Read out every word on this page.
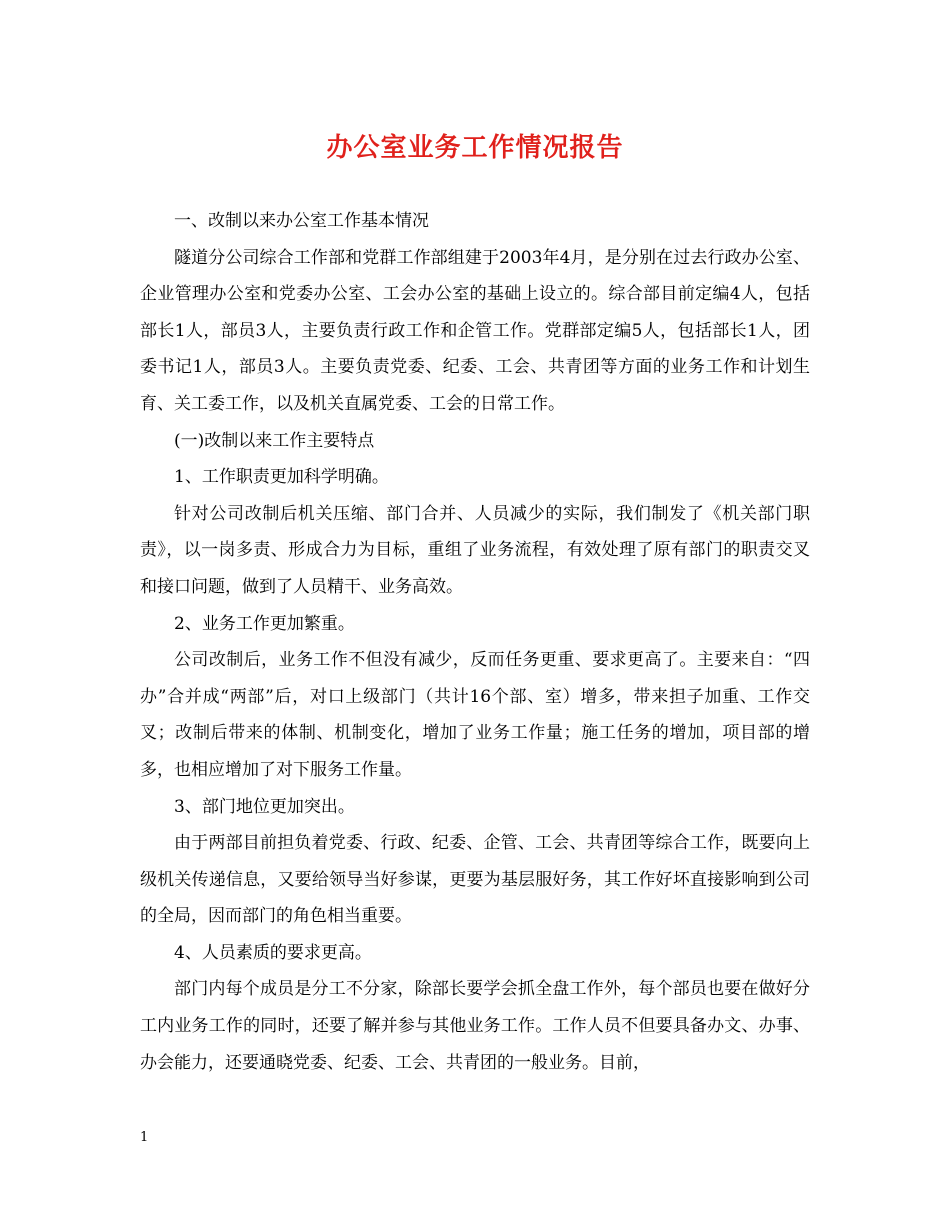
办公室业务工作情况报告

一、改制以来办公室工作基本情况

隧道分公司综合工作部和党群工作部组建于2003年4月，是分别在过去行政办公室、企业管理办公室和党委办公室、工会办公室的基础上设立的。综合部目前定编4人，包括部长1人，部员3人，主要负责行政工作和企管工作。党群部定编5人，包括部长1人，团委书记1人，部员3人。主要负责党委、纪委、工会、共青团等方面的业务工作和计划生育、关工委工作，以及机关直属党委、工会的日常工作。

(一)改制以来工作主要特点

1、工作职责更加科学明确。

针对公司改制后机关压缩、部门合并、人员减少的实际，我们制发了《机关部门职责》，以一岗多责、形成合力为目标，重组了业务流程，有效处理了原有部门的职责交叉和接口问题，做到了人员精干、业务高效。

2、业务工作更加繁重。

公司改制后，业务工作不但没有减少，反而任务更重、要求更高了。主要来自：“四办”合并成“两部”后，对口上级部门（共计16个部、室）增多，带来担子加重、工作交叉；改制后带来的体制、机制变化，增加了业务工作量；施工任务的增加，项目部的增多，也相应增加了对下服务工作量。

3、部门地位更加突出。

由于两部目前担负着党委、行政、纪委、企管、工会、共青团等综合工作，既要向上级机关传递信息，又要给领导当好参谋，更要为基层服好务，其工作好坏直接影响到公司的全局，因而部门的角色相当重要。

4、人员素质的要求更高。

部门内每个成员是分工不分家，除部长要学会抓全盘工作外，每个部员也要在做好分工内业务工作的同时，还要了解并参与其他业务工作。工作人员不但要具备办文、办事、办会能力，还要通晓党委、纪委、工会、共青团的一般业务。目前，

1
